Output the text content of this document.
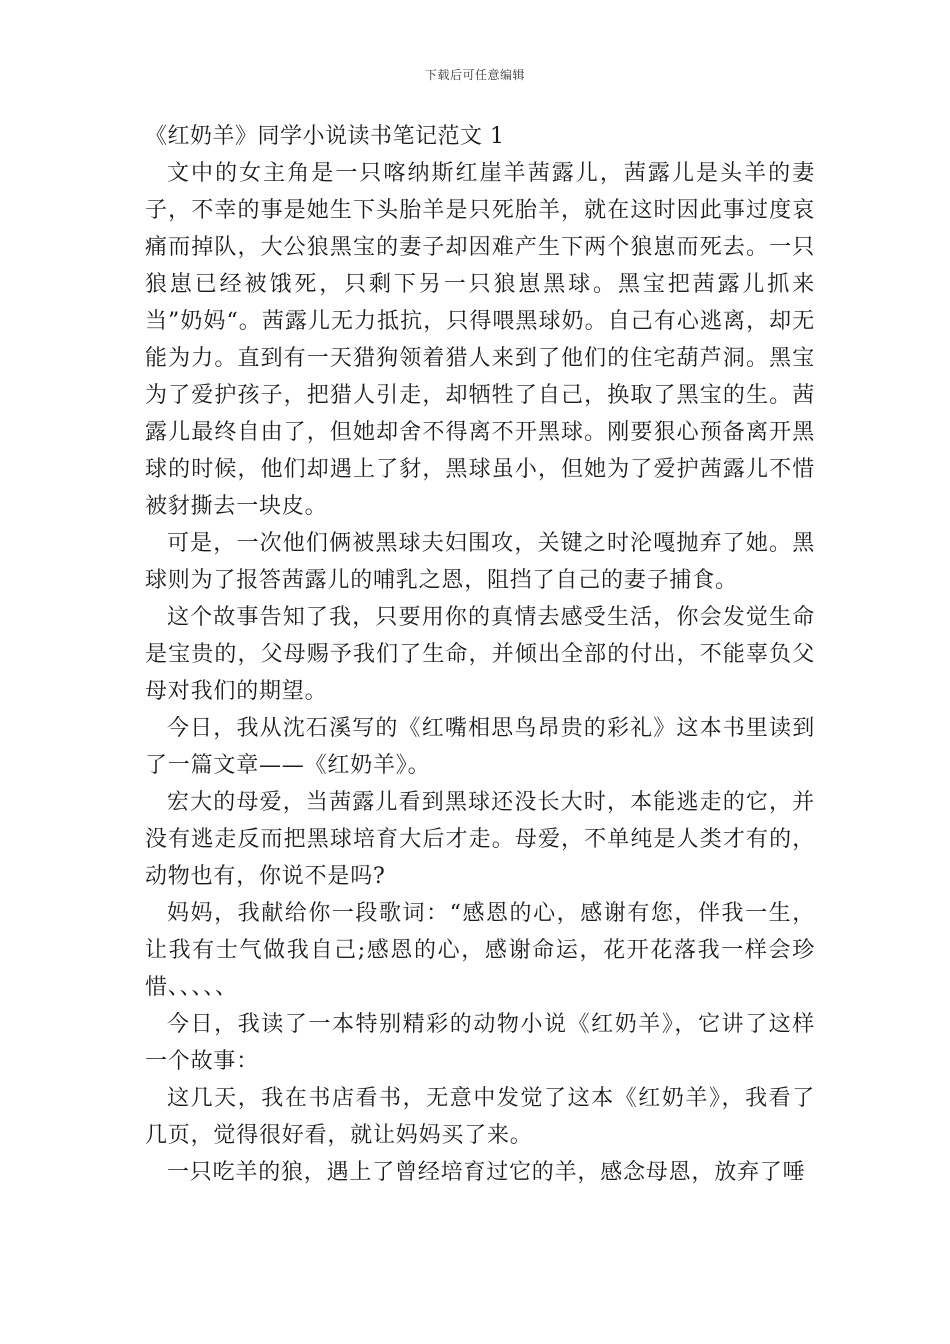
下载后可任意编辑
《红奶羊》同学小说读书笔记范文 1

文中的女主角是一只喀纳斯红崖羊茜露儿，茜露儿是头羊的妻子，不幸的事是她生下头胎羊是只死胎羊，就在这时因此事过度哀痛而掉队，大公狼黑宝的妻子却因难产生下两个狼崽而死去。一只狼崽已经被饿死，只剩下另一只狼崽黑球。黑宝把茜露儿抓来当”奶妈“。茜露儿无力抵抗，只得喂黑球奶。自己有心逃离，却无能为力。直到有一天猎狗领着猎人来到了他们的住宅葫芦洞。黑宝为了爱护孩子，把猎人引走，却牺牲了自己，换取了黑宝的生。茜露儿最终自由了，但她却舍不得离不开黑球。刚要狠心预备离开黑球的时候，他们却遇上了豺，黑球虽小，但她为了爱护茜露儿不惜被豺撕去一块皮。

可是，一次他们俩被黑球夫妇围攻，关键之时沦嘎抛弃了她。黑球则为了报答茜露儿的哺乳之恩，阻挡了自己的妻子捕食。

这个故事告知了我，只要用你的真情去感受生活，你会发觉生命是宝贵的，父母赐予我们了生命，并倾出全部的付出，不能辜负父母对我们的期望。

今日，我从沈石溪写的《红嘴相思鸟昂贵的彩礼》这本书里读到了一篇文章——《红奶羊》。

宏大的母爱，当茜露儿看到黑球还没长大时，本能逃走的它，并没有逃走反而把黑球培育大后才走。母爱，不单纯是人类才有的，动物也有，你说不是吗?

妈妈，我献给你一段歌词：“感恩的心，感谢有您，伴我一生，让我有士气做我自己;感恩的心，感谢命运，花开花落我一样会珍惜、、、、、

今日，我读了一本特别精彩的动物小说《红奶羊》，它讲了这样一个故事：

这几天，我在书店看书，无意中发觉了这本《红奶羊》，我看了几页，觉得很好看，就让妈妈买了来。

一只吃羊的狼，遇上了曾经培育过它的羊，感念母恩，放弃了唾
